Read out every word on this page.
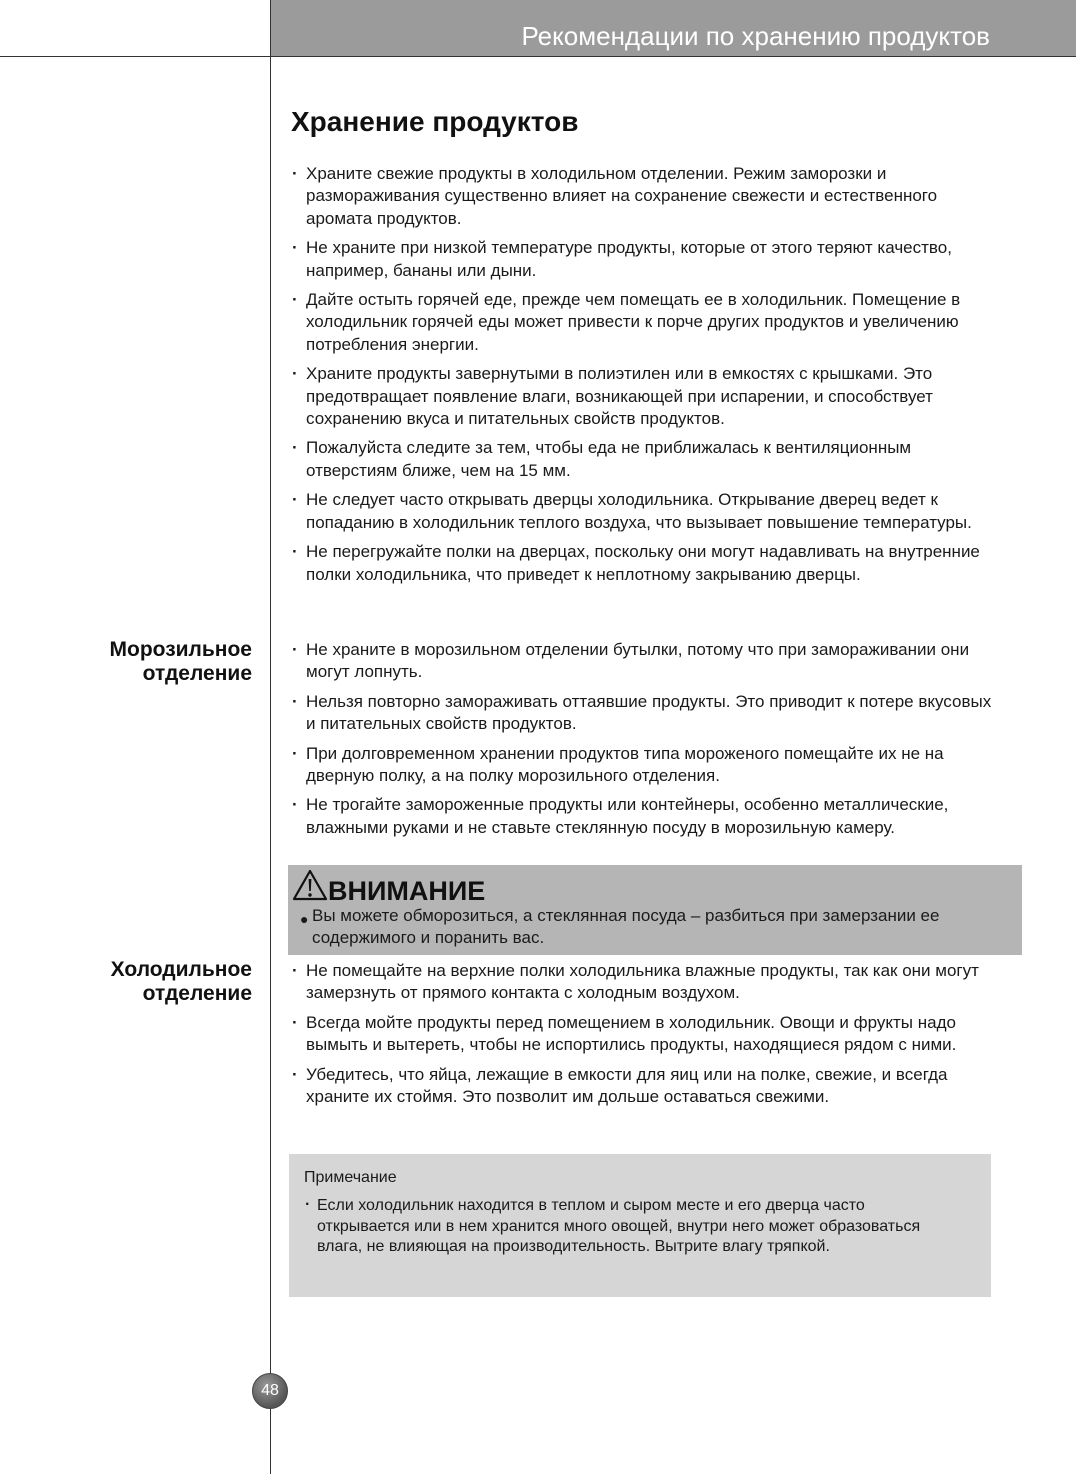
Рекомендации по хранению продуктов
Хранение продуктов
· Храните свежие продукты в холодильном отделении. Режим заморозки и размораживания существенно влияет на сохранение свежести и естественного аромата продуктов.
· Не храните при низкой температуре продукты, которые от этого теряют качество, например, бананы или дыни.
· Дайте остыть горячей еде, прежде чем помещать ее в холодильник. Помещение в холодильник горячей еды может привести к порче других продуктов и увеличению потребления энергии.
· Храните продукты завернутыми в полиэтилен или в емкостях с крышками. Это предотвращает появление влаги, возникающей при испарении, и способствует сохранению вкуса и питательных свойств продуктов.
· Пожалуйста следите за тем, чтобы еда не приближалась к вентиляционным отверстиям ближе, чем на 15 мм.
· Не следует часто открывать дверцы холодильника. Открывание дверец ведет к попаданию в холодильник теплого воздуха, что вызывает повышение температуры.
· Не перегружайте полки на дверцах, поскольку они могут надавливать на внутренние полки холодильника, что приведет к неплотному закрыванию дверцы.
Морозильное
отделение
· Не храните в морозильном отделении бутылки, потому что при замораживании они могут лопнуть.
· Нельзя повторно замораживать оттаявшие продукты. Это приводит к потере вкусовых и питательных свойств продуктов.
· При долговременном хранении продуктов типа мороженого помещайте их не на дверную полку, а на полку морозильного отделения.
· Не трогайте замороженные продукты или контейнеры, особенно металлические, влажными руками и не ставьте стеклянную посуду в морозильную камеру.
ВНИМАНИЕ
● Вы можете обморозиться, а стеклянная посуда – разбиться при замерзании ее содержимого и поранить вас.
Холодильное
отделение
· Не помещайте на верхние полки холодильника влажные продукты, так как они могут замерзнуть от прямого контакта с холодным воздухом.
· Всегда мойте продукты перед помещением в холодильник. Овощи и фрукты надо вымыть и вытереть, чтобы не испортились продукты, находящиеся рядом с ними.
· Убедитесь, что яйца, лежащие в емкости для яиц или на полке, свежие, и всегда храните их стоймя. Это позволит им дольше оставаться свежими.
Примечание
· Если холодильник находится в теплом и сыром месте и его дверца часто открывается или в нем хранится много овощей, внутри него может образоваться влага, не влияющая на производительность. Вытрите влагу тряпкой.
48
